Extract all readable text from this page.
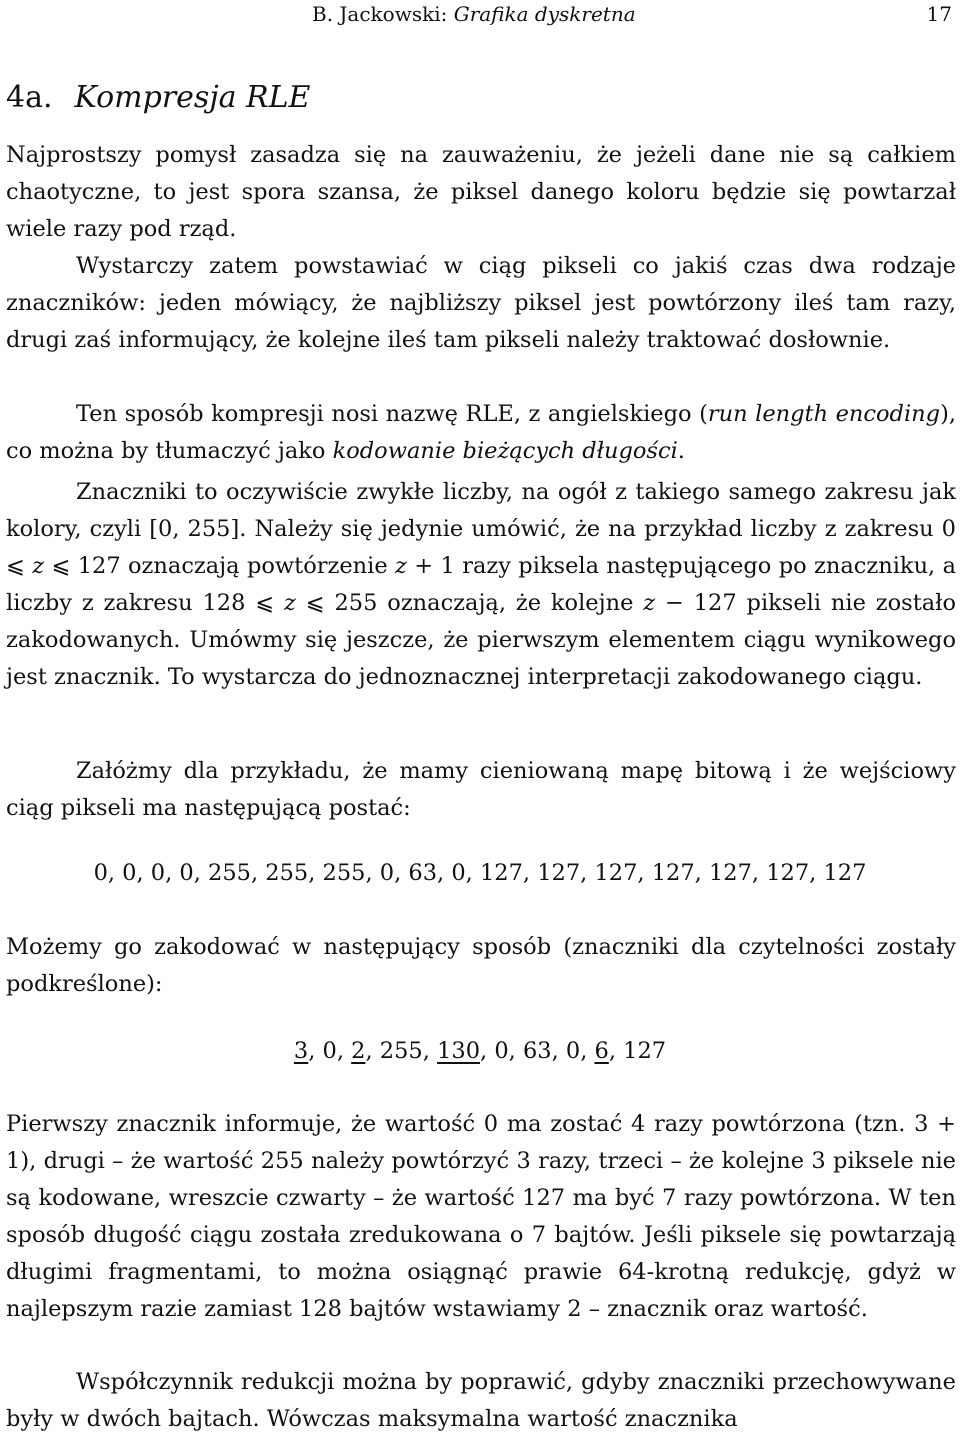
B. Jackowski: Grafika dyskretna	17
4a. Kompresja RLE

Najprostszy pomysł zasadza się na zauważeniu, że jeżeli dane nie są całkiem chaotyczne, to jest spora szansa, że piksel danego koloru będzie się powtarzał wiele razy pod rząd.

Wystarczy zatem powstawiać w ciąg pikseli co jakiś czas dwa rodzaje znaczników: jeden mówiący, że najbliższy piksel jest powtórzony ileś tam razy, drugi zaś informujący, że kolejne ileś tam pikseli należy traktować dosłownie.

Ten sposób kompresji nosi nazwę RLE, z angielskiego (run length encoding), co można by tłumaczyć jako kodowanie bieżących długości.

Znaczniki to oczywiście zwykłe liczby, na ogół z takiego samego zakresu jak kolory, czyli [0, 255]. Należy się jedynie umówić, że na przykład liczby z zakresu 0 ⩽ z ⩽ 127 oznaczają powtórzenie z + 1 razy piksela następującego po znaczniku, a liczby z zakresu 128 ⩽ z ⩽ 255 oznaczają, że kolejne z − 127 pikseli nie zostało zakodowanych. Umówmy się jeszcze, że pierwszym elementem ciągu wynikowego jest znacznik. To wystarcza do jednoznacznej interpretacji zakodowanego ciągu.

Załóżmy dla przykładu, że mamy cieniowaną mapę bitową i że wejściowy ciąg pikseli ma następującą postać:

0, 0, 0, 0, 255, 255, 255, 0, 63, 0, 127, 127, 127, 127, 127, 127, 127

Możemy go zakodować w następujący sposób (znaczniki dla czytelności zostały podkreślone):

3, 0, 2, 255, 130, 0, 63, 0, 6, 127

Pierwszy znacznik informuje, że wartość 0 ma zostać 4 razy powtórzona (tzn. 3 + 1), drugi – że wartość 255 należy powtórzyć 3 razy, trzeci – że kolejne 3 piksele nie są kodowane, wreszcie czwarty – że wartość 127 ma być 7 razy powtórzona. W ten sposób długość ciągu została zredukowana o 7 bajtów. Jeśli piksele się powtarzają długimi fragmentami, to można osiągnąć prawie 64-krotną redukcję, gdyż w najlepszym razie zamiast 128 bajtów wstawiamy 2 – znacznik oraz wartość.

Współczynnik redukcji można by poprawić, gdyby znaczniki przechowywane były w dwóch bajtach. Wówczas maksymalna wartość znacznika
